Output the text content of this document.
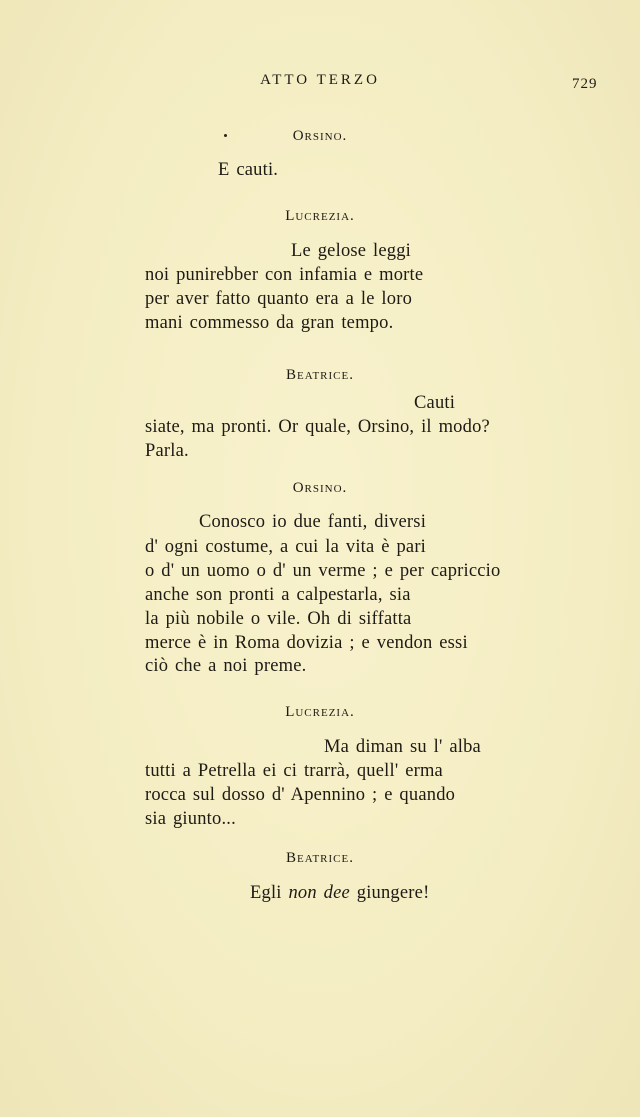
ATTO TERZO	729
Orsino.
E cauti.
Lucrezia.
Le gelose leggi
noi punirebber con infamia e morte
per aver fatto quanto era a le loro
mani commesso da gran tempo.
Beatrice.
Cauti
siate, ma pronti. Or quale, Orsino, il modo?
Parla.
Orsino.
Conosco io due fanti, diversi
d' ogni costume, a cui la vita è pari
o d' un uomo o d' un verme ; e per capriccio
anche son pronti a calpestarla, sia
la più nobile o vile. Oh di siffatta
merce è in Roma dovizia ; e vendon essi
ciò che a noi preme.
Lucrezia.
Ma diman su l' alba
tutti a Petrella ei ci trarrà, quell' erma
rocca sul dosso d' Apennino ; e quando
sia giunto...
Beatrice.
Egli non dee giungere!
